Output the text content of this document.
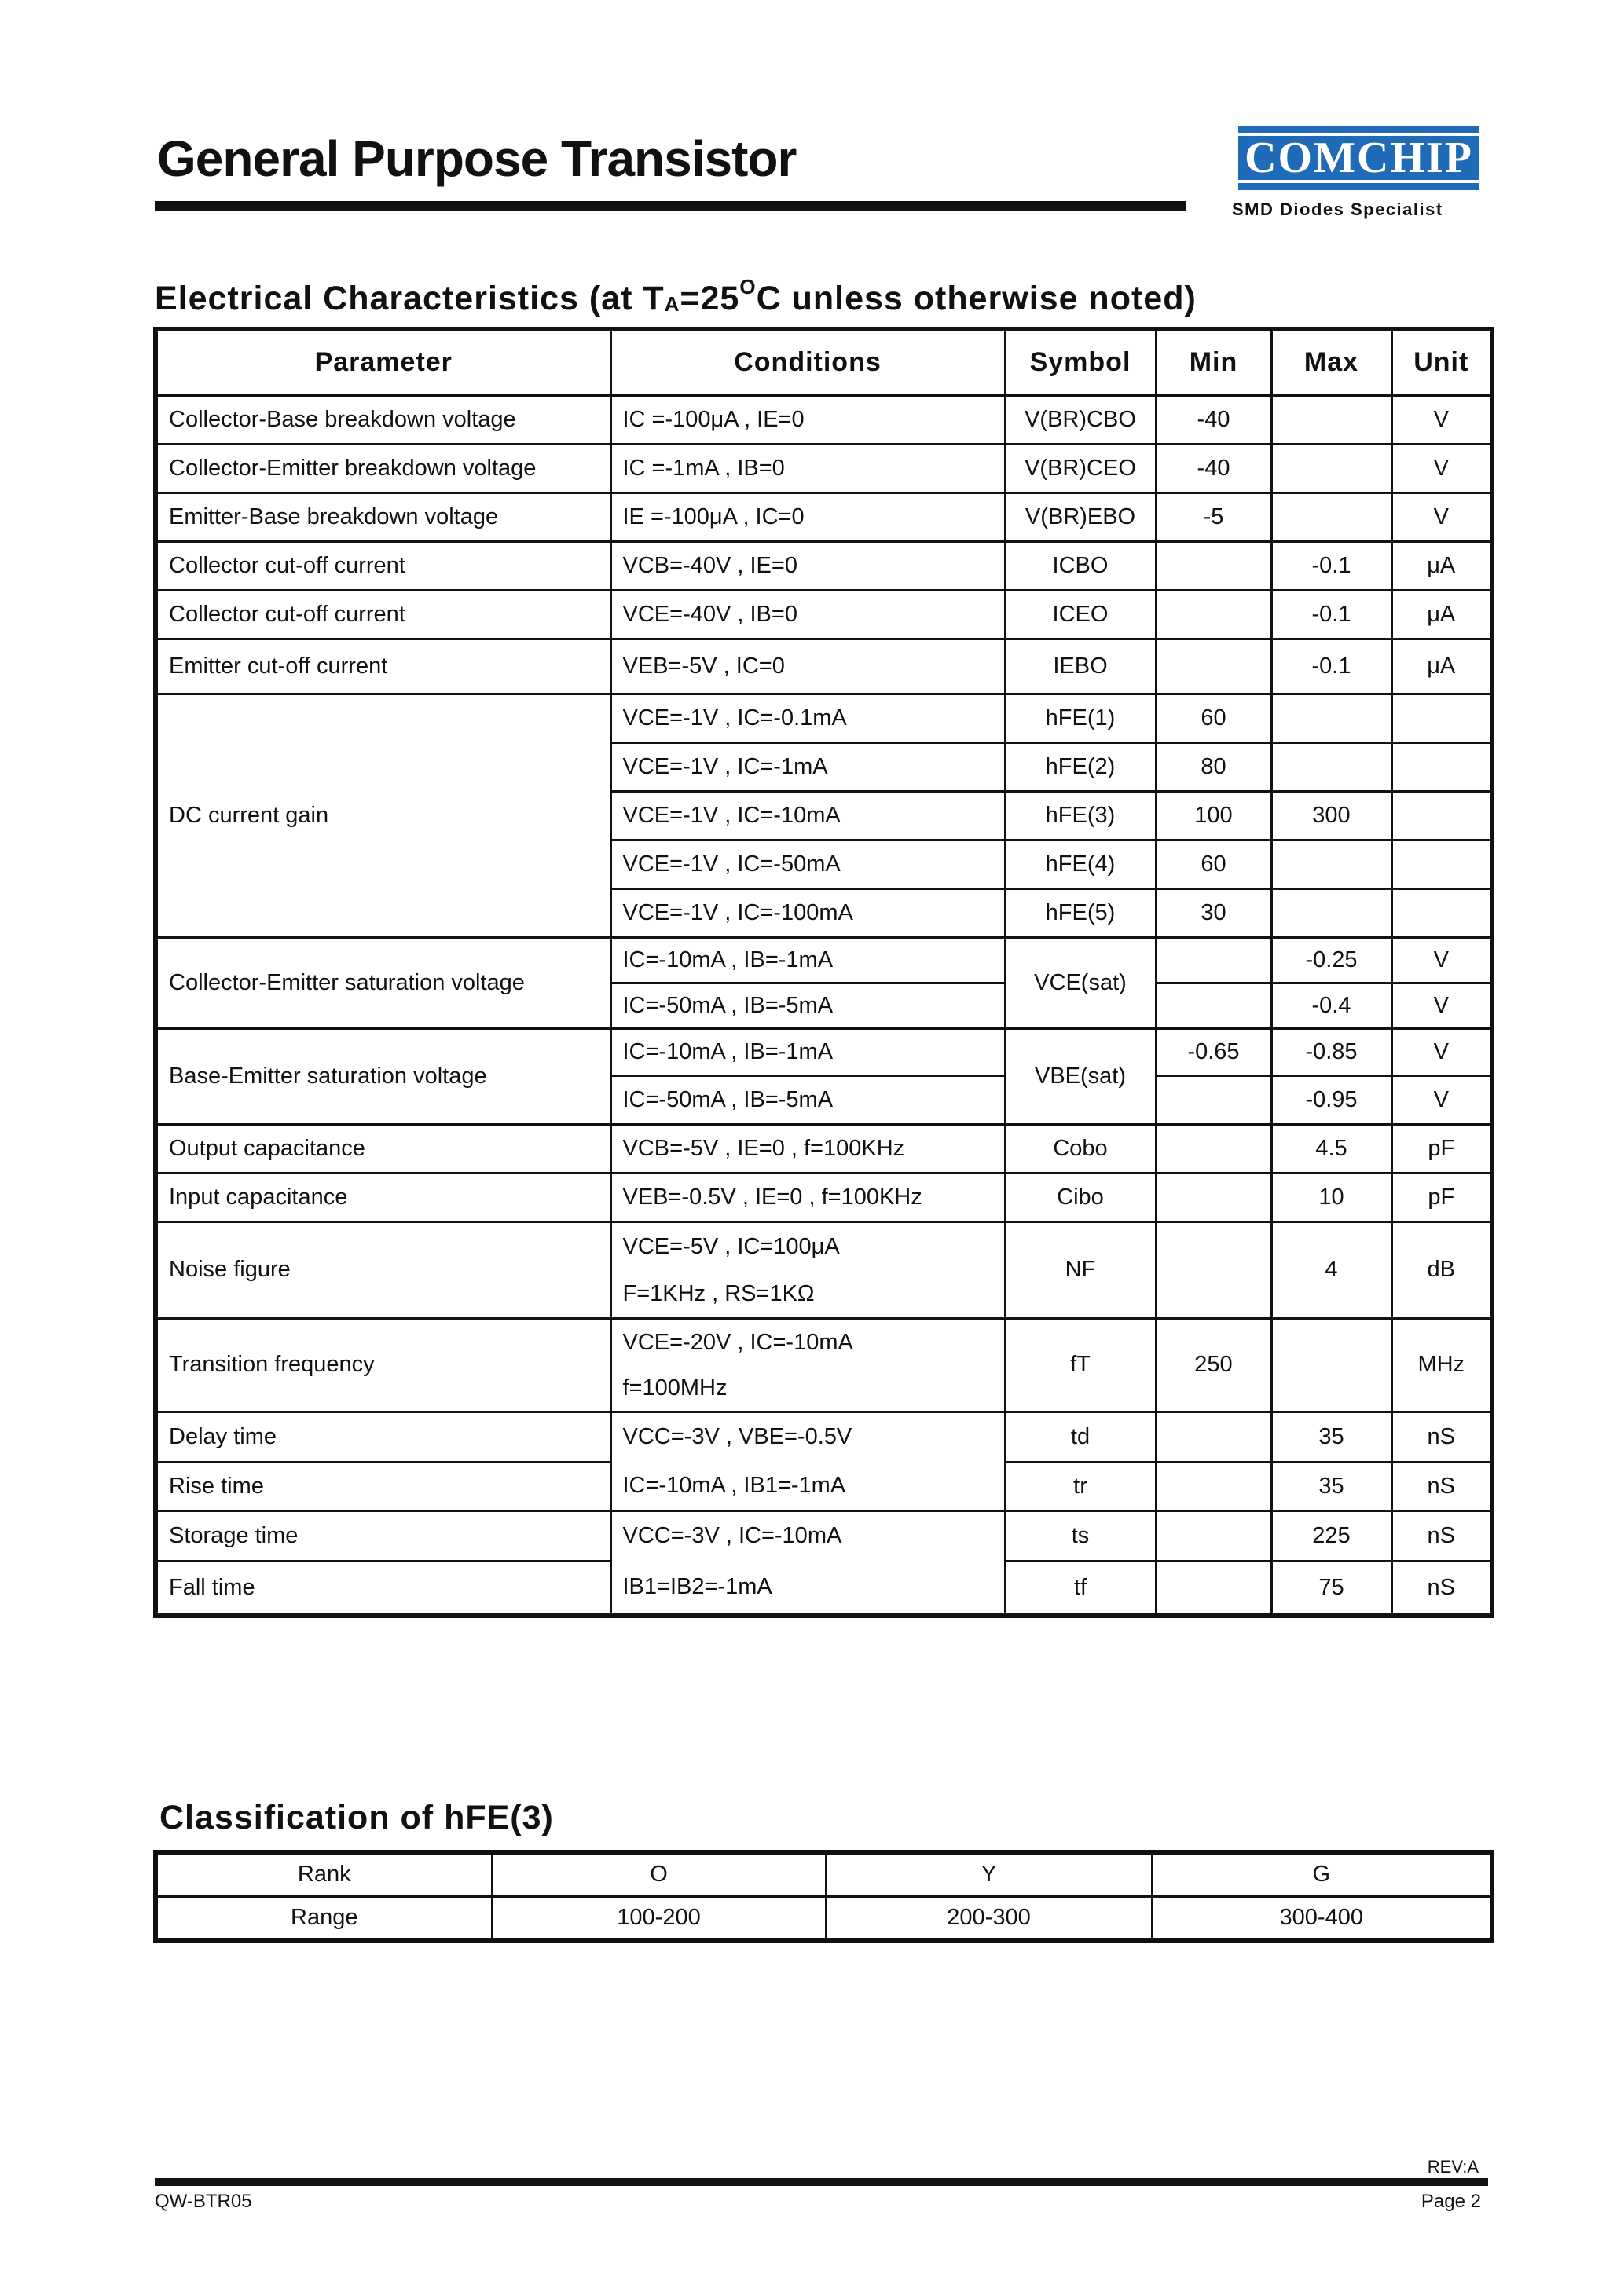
General Purpose Transistor	COMCHIP
SMD Diodes Specialist
Electrical Characteristics (at $T_A=25^OC$ unless otherwise noted)
Parameter	Conditions	Symbol	Min	Max	Unit
Collector-Base breakdown voltage	IC =-100μA , IE=0	V(BR)CBO	-40		V
Collector-Emitter breakdown voltage	IC =-1mA , IB=0	V(BR)CEO	-40		V
Emitter-Base breakdown voltage	IE =-100μA , IC=0	V(BR)EBO	-5		V
Collector cut-off current	VCB=-40V , IE=0	ICBO		-0.1	μA
Collector cut-off current	VCE=-40V , IB=0	ICEO		-0.1	μA
Emitter cut-off current	VEB=-5V , IC=0	IEBO		-0.1	μA
DC current gain	VCE=-1V , IC=-0.1mA	hFE(1)	60		
	VCE=-1V , IC=-1mA	hFE(2)	80		
	VCE=-1V , IC=-10mA	hFE(3)	100	300	
	VCE=-1V , IC=-50mA	hFE(4)	60		
	VCE=-1V , IC=-100mA	hFE(5)	30		
Collector-Emitter saturation voltage	IC=-10mA , IB=-1mA	VCE(sat)		-0.25	V
	IC=-50mA , IB=-5mA			-0.4	V
Base-Emitter saturation voltage	IC=-10mA , IB=-1mA	VBE(sat)	-0.65	-0.85	V
	IC=-50mA , IB=-5mA			-0.95	V
Output capacitance	VCB=-5V , IE=0 , f=100KHz	Cobo		4.5	pF
Input capacitance	VEB=-0.5V , IE=0 , f=100KHz	Cibo		10	pF
Noise figure	VCE=-5V , IC=100μA
F=1KHz , RS=1KΩ	NF		4	dB
Transition frequency	VCE=-20V , IC=-10mA
f=100MHz	fT	250		MHz
Delay time	VCC=-3V , VBE=-0.5V	td		35	nS
Rise time	IC=-10mA , IB1=-1mA	tr		35	nS
Storage time	VCC=-3V , IC=-10mA	ts		225	nS
Fall time	IB1=IB2=-1mA	tf		75	nS
Classification of hFE(3)
Rank	O	Y	G
Range	100-200	200-300	300-400
REV:A
QW-BTR05	Page 2
